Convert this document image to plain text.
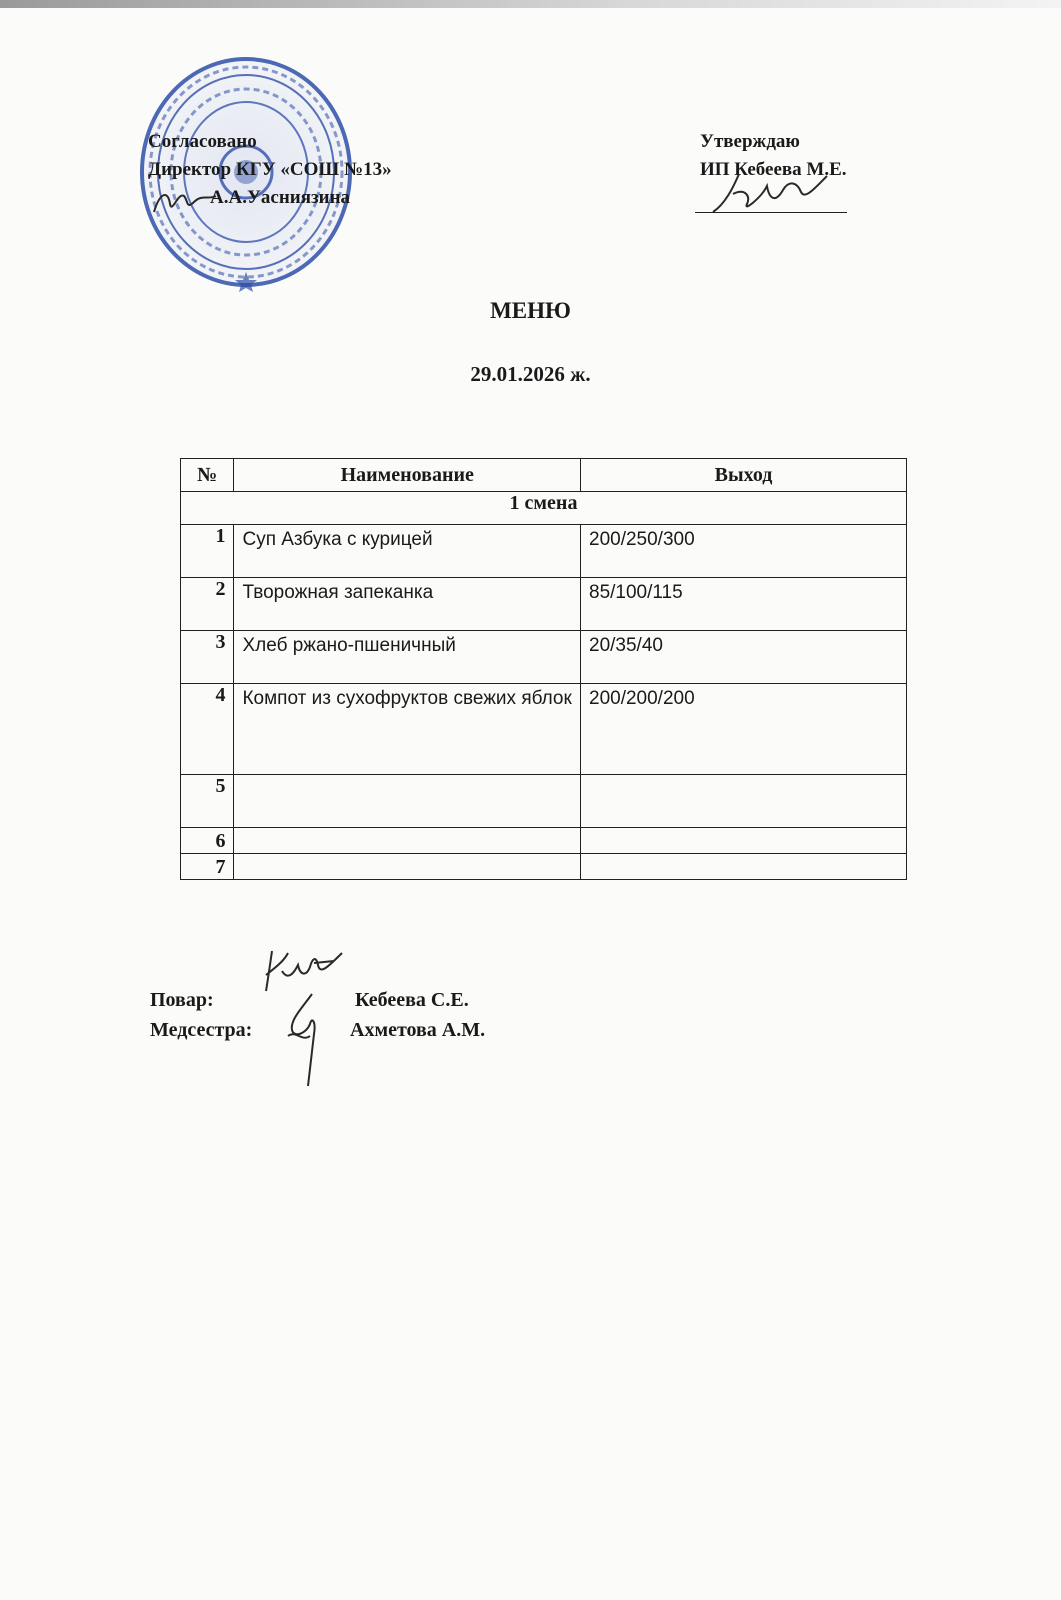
Согласовано
Директор КГУ «СОШ №13»
А.А.Уасниязина
Утверждаю
ИП Кебеева М.Е.
МЕНЮ
29.01.2026 ж.
№	Наименование	Выход
1 смена		
1	Суп Азбука с курицей	200/250/300
2	Творожная запеканка	85/100/115
3	Хлеб ржано-пшеничный	20/35/40
4	Компот из сухофруктов свежих яблок	200/200/200
5		
6		
7		
Повар:	Кебеева С.Е.
Медсестра:	Ахметова А.М.
